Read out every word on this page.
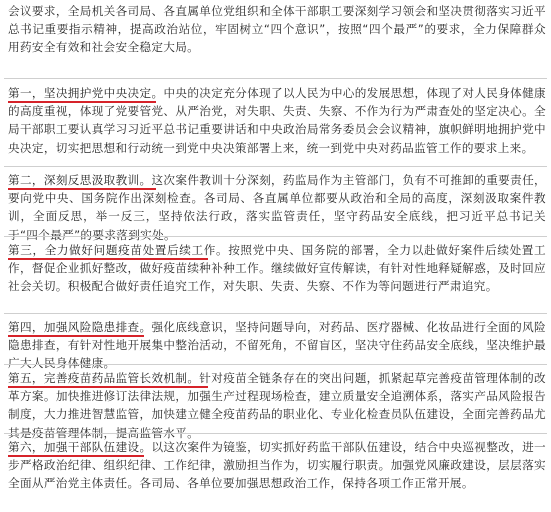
会议要求，全局机关各司局、各直属单位党组织和全体干部职工要深刻学习领会和坚决贯彻落实习近平总书记重要指示精神，提高政治站位，牢固树立“四个意识”，按照“四个最严”的要求，全力保障群众用药安全有效和社会安全稳定大局。

第一，坚决拥护党中央决定。中央的决定充分体现了以人民为中心的发展思想，体现了对人民身体健康的高度重视，体现了党要管党、从严治党，对失职、失责、失察、不作为行为严肃查处的坚定决心。全局干部职工要认真学习习近平总书记重要讲话和中央政治局常务委员会会议精神，旗帜鲜明地拥护党中央决定，切实把思想和行动统一到党中央决策部署上来，统一到党中央对药品监管工作的要求上来。

第二，深刻反思汲取教训。这次案件教训十分深刻，药监局作为主管部门，负有不可推卸的重要责任，要向党中央、国务院作出深刻检查。各司局、各直属单位都要从政治和全局的高度，深刻汲取案件教训，全面反思，举一反三，坚持依法行政，落实监管责任，坚守药品安全底线，把习近平总书记关于“四个最严”的要求落到实处。

第三，全力做好问题疫苗处置后续工作。按照党中央、国务院的部署，全力以赴做好案件后续处置工作，督促企业抓好整改，做好疫苗续种补种工作。继续做好宣传解读，有针对性地释疑解惑，及时回应社会关切。积极配合做好责任追究工作，对失职、失责、失察、不作为等问题进行严肃追究。

第四，加强风险隐患排查。强化底线意识，坚持问题导向，对药品、医疗器械、化妆品进行全面的风险隐患排查，有针对性地开展集中整治活动，不留死角，不留盲区，坚决守住药品安全底线，坚决维护最广大人民身体健康。

第五，完善疫苗药品监管长效机制。针对疫苗全链条存在的突出问题，抓紧起草完善疫苗管理体制的改革方案。加快推进修订法律法规，加强生产过程现场检查，建立质量安全追溯体系，落实产品风险报告制度，大力推进智慧监管，加快建立健全疫苗药品的职业化、专业化检查员队伍建设，全面完善药品尤其是疫苗管理体制，提高监管水平。

第六，加强干部队伍建设。以这次案件为镜鉴，切实抓好药监干部队伍建设，结合中央巡视整改，进一步严格政治纪律、组织纪律、工作纪律，激励担当作为，切实履行职责。加强党风廉政建设，层层落实全面从严治党主体责任。各司局、各单位要加强思想政治工作，保持各项工作正常开展。
